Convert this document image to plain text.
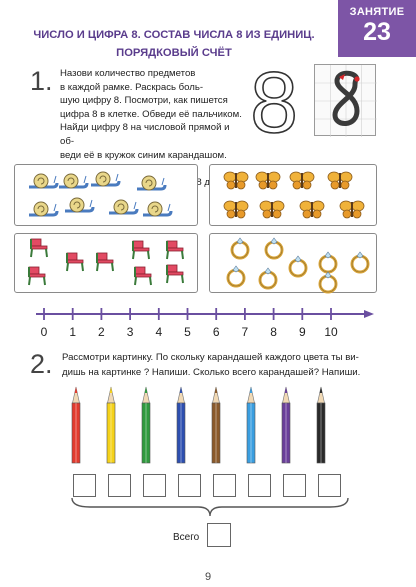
ЗАНЯТИЕ
23
ЧИСЛО И ЦИФРА 8. СОСТАВ ЧИСЛА 8 ИЗ ЕДИНИЦ.
ПОРЯДКОВЫЙ СЧЁТ
1. Назови количество предметов
в каждой рамке. Раскрась боль-
шую цифру 8. Посмотри, как пишется
цифра 8 в клетке. Обведи её пальчиком.
Найди цифру 8 на числовой прямой и об-
веди её в кружок синим карандашом.
8
8
0 1 2 3 4 5 6 7 8 9 10
2. Рассмотри картинку. По скольку карандашей каждого цвета ты ви-
дишь на картинке ? Напиши. Сколько всего карандашей? Напиши.
Всего
9
